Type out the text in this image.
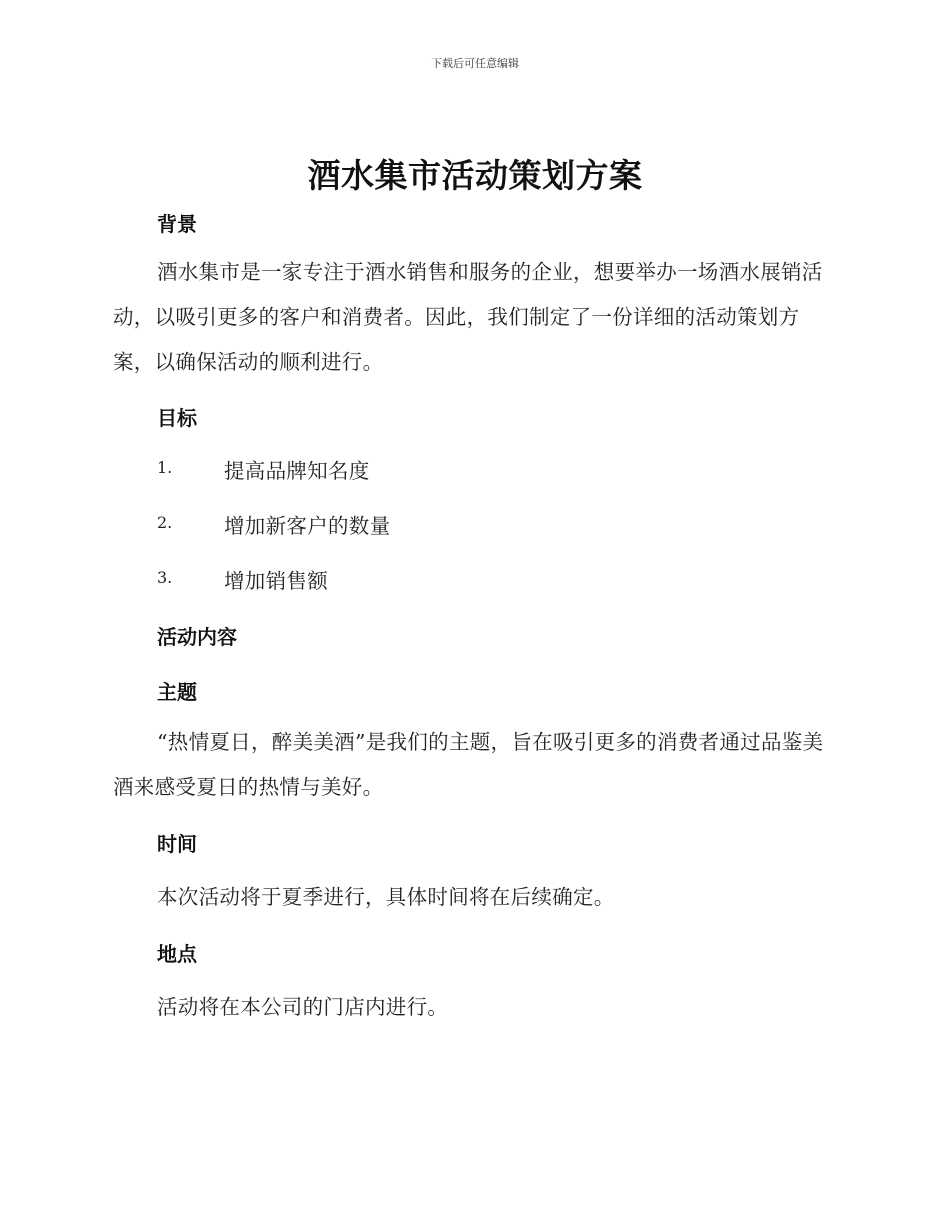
下载后可任意编辑
酒水集市活动策划方案
背景
酒水集市是一家专注于酒水销售和服务的企业，想要举办一场酒水展销活动，以吸引更多的客户和消费者。因此，我们制定了一份详细的活动策划方案，以确保活动的顺利进行。
目标
1.	提高品牌知名度
2.	增加新客户的数量
3.	增加销售额
活动内容
主题
“热情夏日，醉美美酒”是我们的主题，旨在吸引更多的消费者通过品鉴美酒来感受夏日的热情与美好。
时间
本次活动将于夏季进行，具体时间将在后续确定。
地点
活动将在本公司的门店内进行。
